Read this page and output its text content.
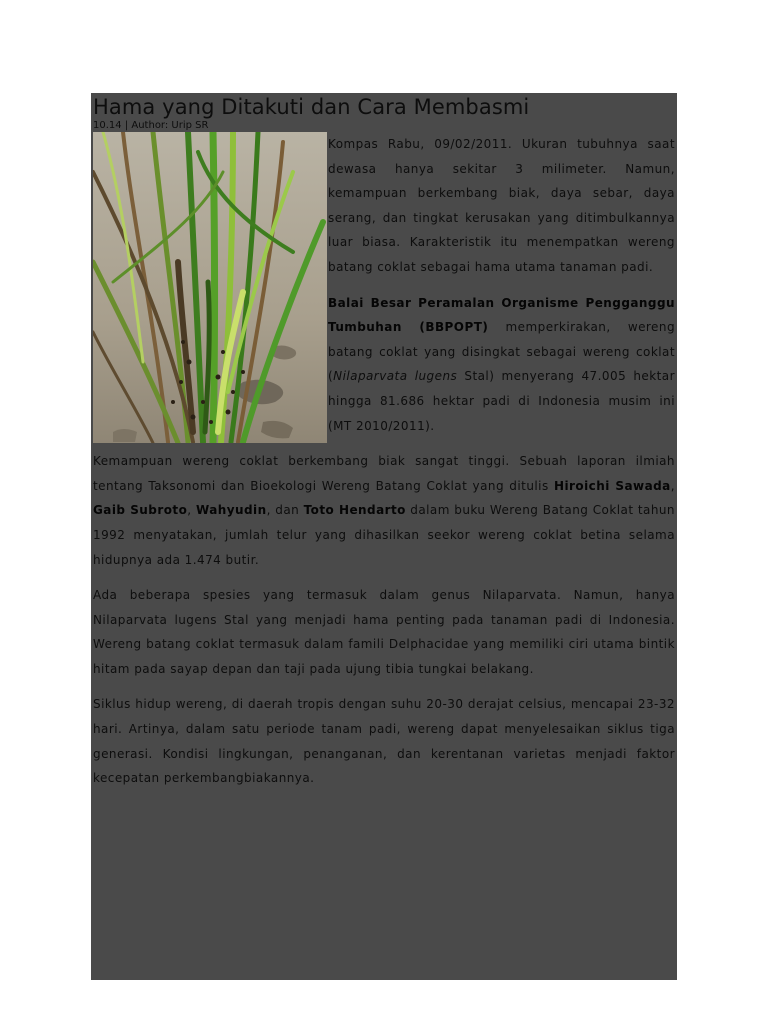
Hama yang Ditakuti dan Cara Membasmi

10.14 | Author: Urip SR

Kompas Rabu, 09/02/2011. Ukuran tubuhnya saat dewasa hanya sekitar 3 milimeter. Namun, kemampuan berkembang biak, daya sebar, daya serang, dan tingkat kerusakan yang ditimbulkannya luar biasa. Karakteristik itu menempatkan wereng batang coklat sebagai hama utama tanaman padi.

Balai Besar Peramalan Organisme Pengganggu Tumbuhan (BBPOPT) memperkirakan, wereng batang coklat yang disingkat sebagai wereng coklat (Nilaparvata lugens Stal) menyerang 47.005 hektar hingga 81.686 hektar padi di Indonesia musim ini (MT 2010/2011).

Kemampuan wereng coklat berkembang biak sangat tinggi. Sebuah laporan ilmiah tentang Taksonomi dan Bioekologi Wereng Batang Coklat yang ditulis Hiroichi Sawada, Gaib Subroto, Wahyudin, dan Toto Hendarto dalam buku Wereng Batang Coklat tahun 1992 menyatakan, jumlah telur yang dihasilkan seekor wereng coklat betina selama hidupnya ada 1.474 butir.

Ada beberapa spesies yang termasuk dalam genus Nilaparvata. Namun, hanya Nilaparvata lugens Stal yang menjadi hama penting pada tanaman padi di Indonesia. Wereng batang coklat termasuk dalam famili Delphacidae yang memiliki ciri utama bintik hitam pada sayap depan dan taji pada ujung tibia tungkai belakang.

Siklus hidup wereng, di daerah tropis dengan suhu 20-30 derajat celsius, mencapai 23-32 hari. Artinya, dalam satu periode tanam padi, wereng dapat menyelesaikan siklus tiga generasi. Kondisi lingkungan, penanganan, dan kerentanan varietas menjadi faktor kecepatan perkembangbiakannya.
